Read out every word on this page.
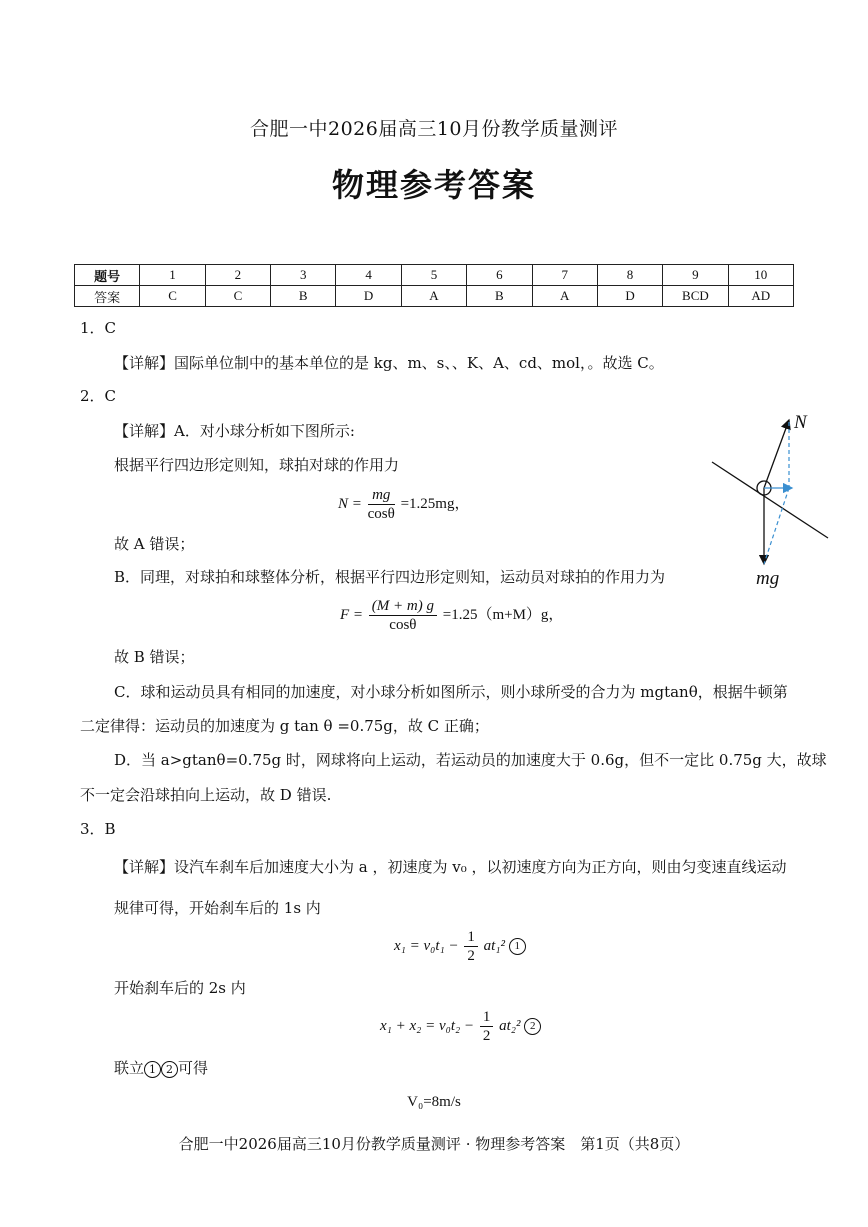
合肥一中2026届高三10月份教学质量测评
物理参考答案
题号	1	2	3	4	5	6	7	8	9	10
答案	C	C	B	D	A	B	A	D	BCD	AD
1．C
【详解】国际单位制中的基本单位的是 kg、m、s、、K、A、cd、mol，。故选 C。
2．C
【详解】A．对小球分析如下图所示:
根据平行四边形定则知，球拍对球的作用力
$N = \frac{mg}{\cos\theta} =1.25mg$，
故 A 错误；
B．同理，对球拍和球整体分析，根据平行四边形定则知，运动员对球拍的作用力为
$F = \frac{(M + m) g}{\cos\theta} =1.25(m+M)g$，
故 B 错误；
C．球和运动员具有相同的加速度，对小球分析如图所示，则小球所受的合力为 mgtanθ，根据牛顿第
二定律得：运动员的加速度为 g tan θ =0.75g，故 C 正确；
D．当 a>gtanθ=0.75g 时，网球将向上运动，若运动员的加速度大于 0.6g，但不一定比 0.75g 大，故球
不一定会沿球拍向上运动，故 D 错误.
N
mg
3．B
【详解】设汽车刹车后加速度大小为 a ，初速度为 v₀ ，以初速度方向为正方向，则由匀变速直线运动
规律可得，开始刹车后的 1s 内
$x_1 = v_0t_1 - \frac{1}{2} at_1^2$ 1
开始刹车后的 2s 内
$x_1 + x_2 = v_0t_2 - \frac{1}{2} at_2^2$ 2
联立 1 2 可得
V₀=8m/s
合肥一中2026届高三10月份教学质量测评 · 物理参考答案　第1页（共8页）
